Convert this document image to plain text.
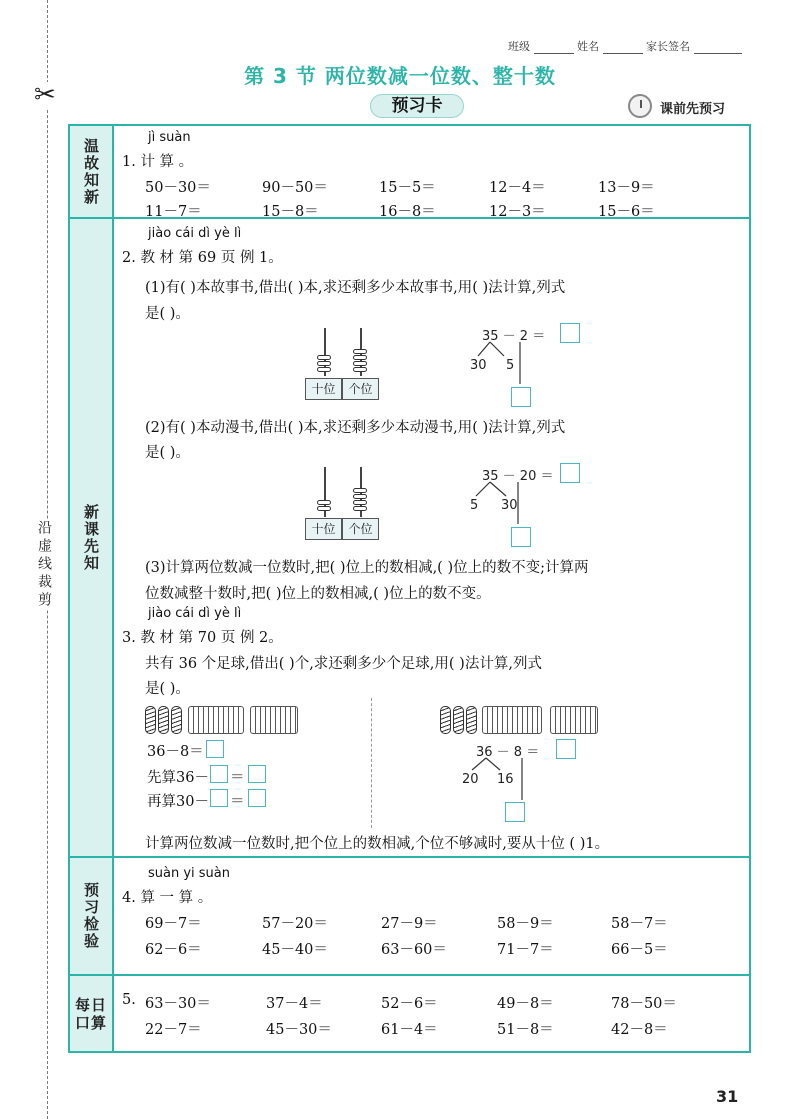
✂
沿虚线裁剪
班级	姓名	家长签名
第 3 节 两位数减一位数、整十数
预习卡	课前先预习
温故知新
新课先知
预习检验
每日口算
jì suàn
1. 计 算 。
50－30＝	90－50＝	15－5＝	12－4＝	13－9＝
11－7＝	15－8＝	16－8＝	12－3＝	15－6＝
jiào cái dì yè lì
2. 教 材 第 69 页 例 1。
(1)有( )本故事书,借出( )本,求还剩多少本故事书,用( )法计算,列式
是( )。
十位	个位
35 － 2 ＝
30 5
(2)有( )本动漫书,借出( )本,求还剩多少本动漫书,用( )法计算,列式
是( )。
十位	个位
35 － 20 ＝
5 30
(3)计算两位数减一位数时,把( )位上的数相减,( )位上的数不变;计算两
位数减整十数时,把( )位上的数相减,( )位上的数不变。
jiào cái dì yè lì
3. 教 材 第 70 页 例 2。
共有 36 个足球,借出( )个,求还剩多少个足球,用( )法计算,列式
是( )。
36－8＝
先算36－ ＝
再算30－ ＝
36 － 8 ＝
20 16
计算两位数减一位数时,把个位上的数相减,个位不够减时,要从十位 ( )1。
suàn yi suàn
4. 算 一 算 。
69－7＝	57－20＝	27－9＝	58－9＝	58－7＝
62－6＝	45－40＝	63－60＝	71－7＝	66－5＝
5. 63－30＝	37－4＝	52－6＝	49－8＝	78－50＝
22－7＝	45－30＝	61－4＝	51－8＝	42－8＝
31
